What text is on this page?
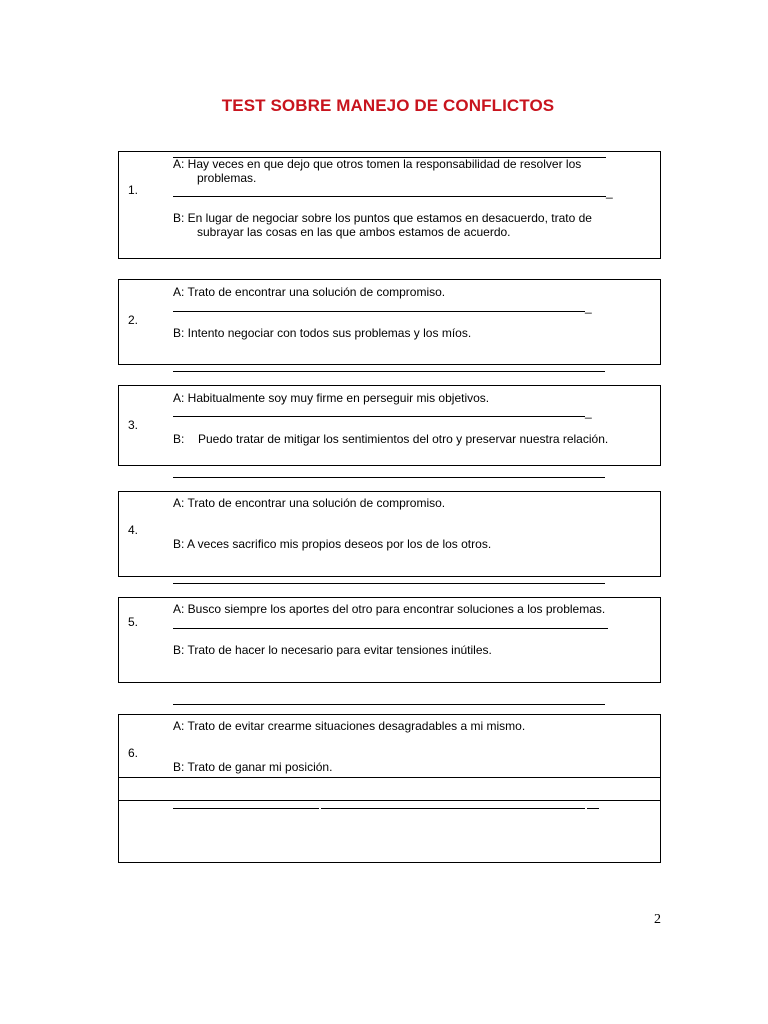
TEST SOBRE MANEJO DE CONFLICTOS
A: Hay veces en que dejo que otros tomen la responsabilidad de resolver los
problemas.
1.	_
B: En lugar de negociar sobre los puntos que estamos en desacuerdo, trato de
subrayar las cosas en las que ambos estamos de acuerdo.
A: Trato de encontrar una solución de compromiso.
_
2.
B: Intento negociar con todos sus problemas y los míos.
A: Habitualmente soy muy firme en perseguir mis objetivos.
_
3.
B: Puedo tratar de mitigar los sentimientos del otro y preservar nuestra relación.
A: Trato de encontrar una solución de compromiso.
4.
B: A veces sacrifico mis propios deseos por los de los otros.
A: Busco siempre los aportes del otro para encontrar soluciones a los problemas.
5.
B: Trato de hacer lo necesario para evitar tensiones inútiles.
A: Trato de evitar crearme situaciones desagradables a mi mismo.
6.
B: Trato de ganar mi posición.
2
